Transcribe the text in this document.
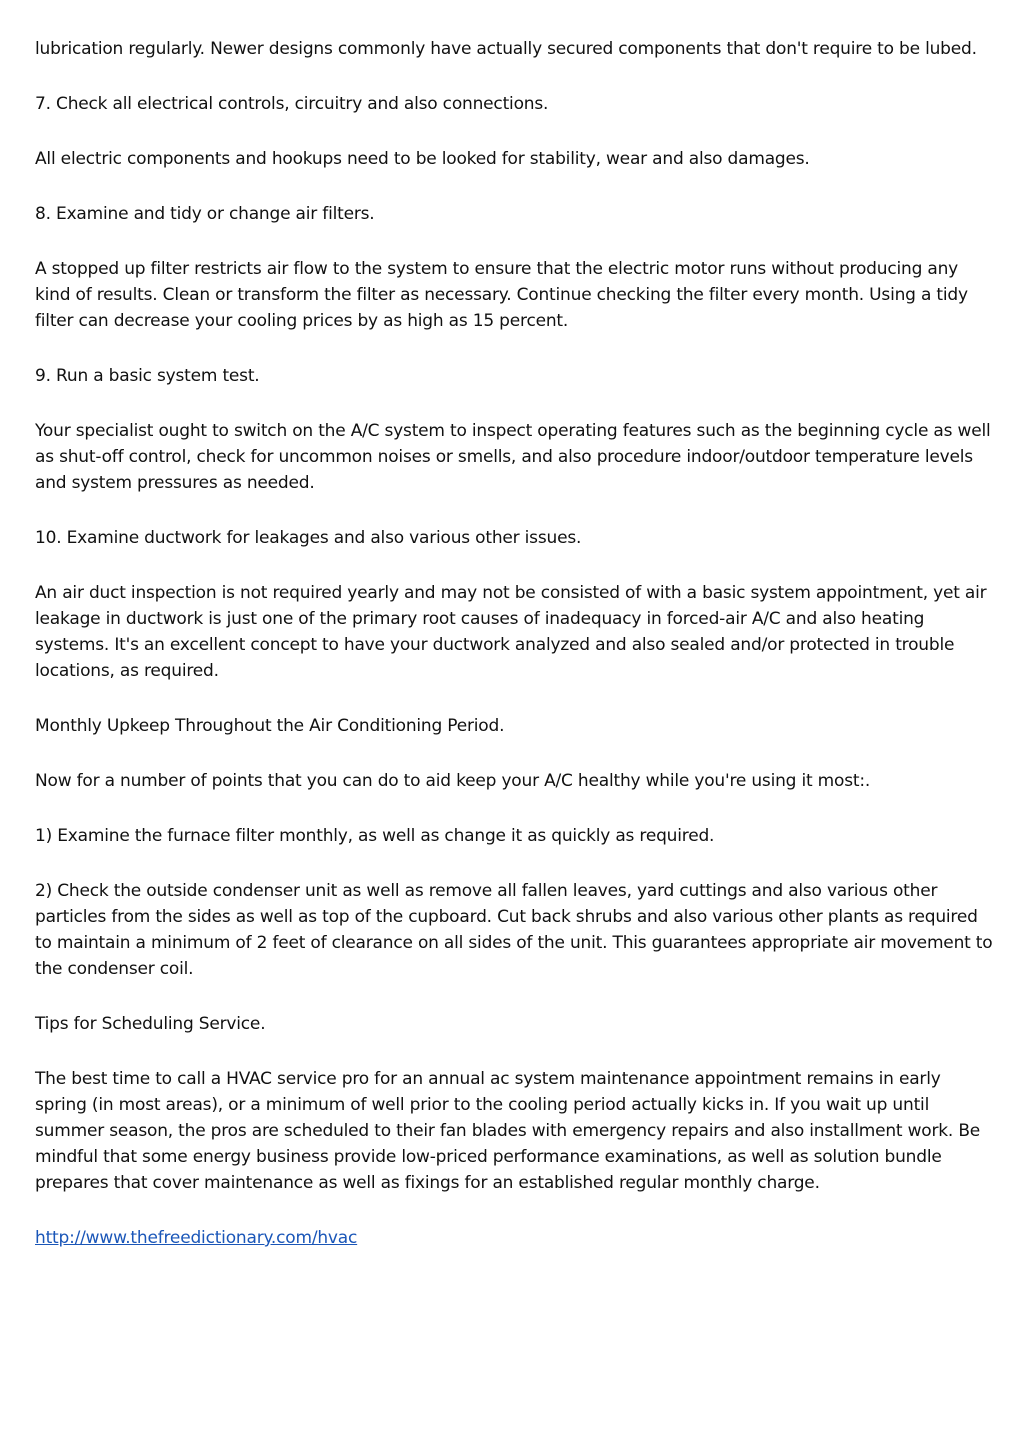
lubrication regularly. Newer designs commonly have actually secured components that don't require to be lubed.

7. Check all electrical controls, circuitry and also connections.

All electric components and hookups need to be looked for stability, wear and also damages.

8. Examine and tidy or change air filters.

A stopped up filter restricts air flow to the system to ensure that the electric motor runs without producing any kind of results. Clean or transform the filter as necessary. Continue checking the filter every month. Using a tidy filter can decrease your cooling prices by as high as 15 percent.

9. Run a basic system test.

Your specialist ought to switch on the A/C system to inspect operating features such as the beginning cycle as well as shut-off control, check for uncommon noises or smells, and also procedure indoor/outdoor temperature levels and system pressures as needed.

10. Examine ductwork for leakages and also various other issues.

An air duct inspection is not required yearly and may not be consisted of with a basic system appointment, yet air leakage in ductwork is just one of the primary root causes of inadequacy in forced-air A/C and also heating systems. It's an excellent concept to have your ductwork analyzed and also sealed and/or protected in trouble locations, as required.

Monthly Upkeep Throughout the Air Conditioning Period.

Now for a number of points that you can do to aid keep your A/C healthy while you're using it most:.

1) Examine the furnace filter monthly, as well as change it as quickly as required.

2) Check the outside condenser unit as well as remove all fallen leaves, yard cuttings and also various other particles from the sides as well as top of the cupboard. Cut back shrubs and also various other plants as required to maintain a minimum of 2 feet of clearance on all sides of the unit. This guarantees appropriate air movement to the condenser coil.

Tips for Scheduling Service.

The best time to call a HVAC service pro for an annual ac system maintenance appointment remains in early spring (in most areas), or a minimum of well prior to the cooling period actually kicks in. If you wait up until summer season, the pros are scheduled to their fan blades with emergency repairs and also installment work. Be mindful that some energy business provide low-priced performance examinations, as well as solution bundle prepares that cover maintenance as well as fixings for an established regular monthly charge.

http://www.thefreedictionary.com/hvac
